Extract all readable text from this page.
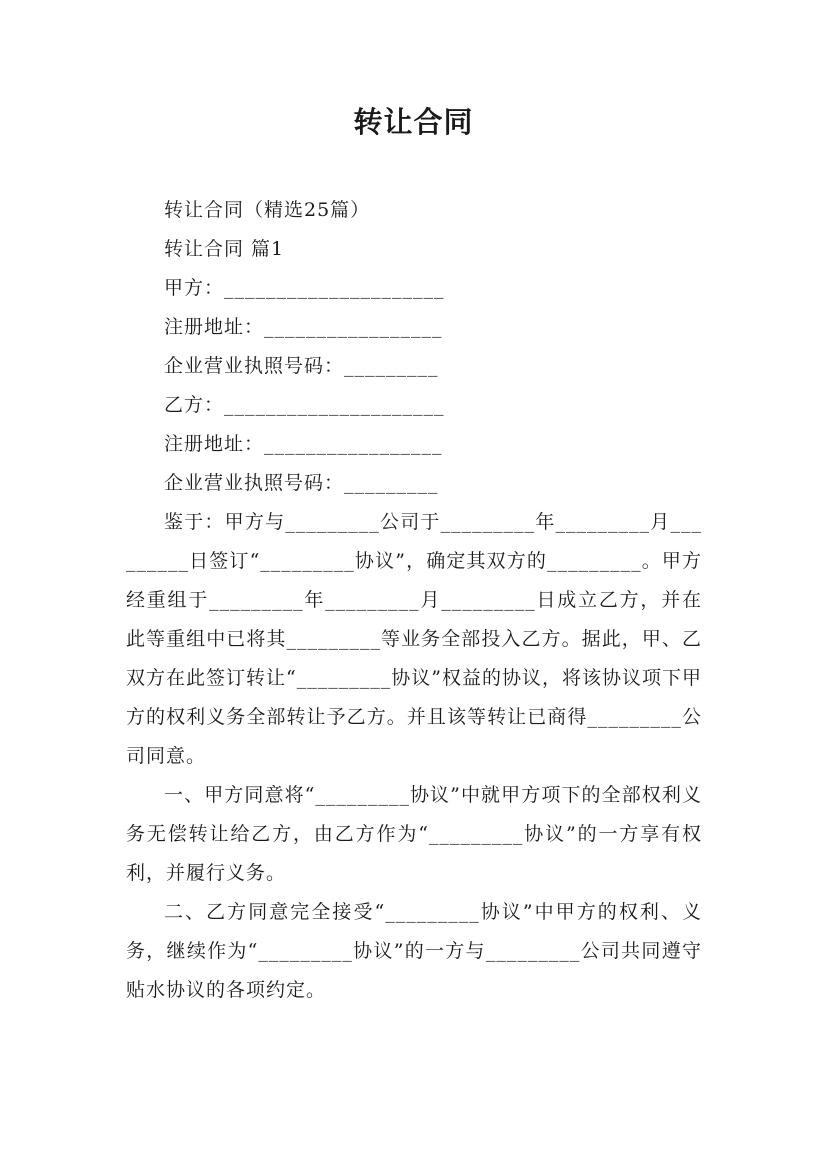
转让合同

转让合同（精选25篇）

转让合同 篇1

甲方：_____________________

注册地址：_________________

企业营业执照号码：_________

乙方：_____________________

注册地址：_________________

企业营业执照号码：_________

鉴于：甲方与_________公司于_________年_________月_________日签订“_________协议”，确定其双方的_________。甲方经重组于_________年_________月_________日成立乙方，并在此等重组中已将其_________等业务全部投入乙方。据此，甲、乙双方在此签订转让“_________协议”权益的协议，将该协议项下甲方的权利义务全部转让予乙方。并且该等转让已商得_________公司同意。

一、甲方同意将“_________协议”中就甲方项下的全部权利义务无偿转让给乙方，由乙方作为“_________协议”的一方享有权利，并履行义务。

二、乙方同意完全接受“_________协议”中甲方的权利、义务，继续作为“_________协议”的一方与_________公司共同遵守贴水协议的各项约定。
